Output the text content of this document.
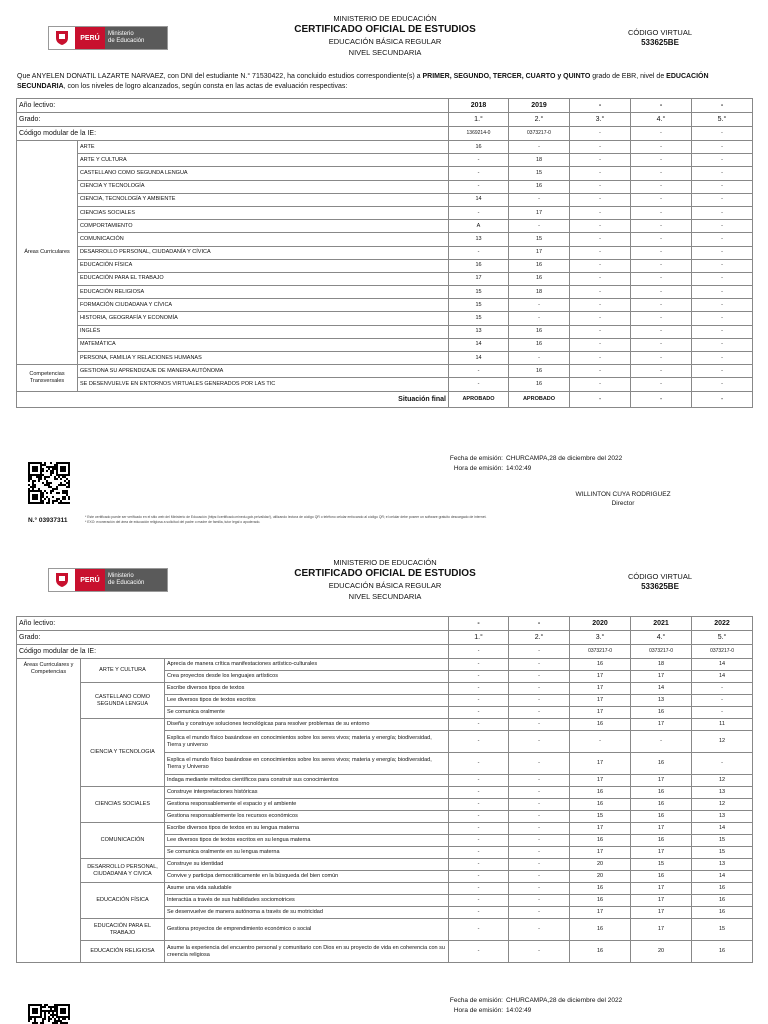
PERÚ
Ministerio
de Educación
MINISTERIO DE EDUCACIÓN
CERTIFICADO OFICIAL DE ESTUDIOS
EDUCACIÓN BÁSICA REGULAR
NIVEL SECUNDARIA
CÓDIGO VIRTUAL
533625BE
Que ANYELEN DONATIL LAZARTE NARVAEZ, con DNI del estudiante N.° 71530422, ha concluido estudios correspondiente(s) a PRIMER, SEGUNDO, TERCER, CUARTO y QUINTO grado de EBR, nivel de EDUCACIÓN SECUNDARIA, con los niveles de logro alcanzados, según consta en las actas de evaluación respectivas:
Año lectivo:		2018	2019	-	-	-
Grado:		1.°	2.°	3.°	4.°	5.°
Código modular de la IE:		1369214-0	0373217-0	-	-	-
Áreas Curriculares	ARTE	16	-	-	-	-
	ARTE Y CULTURA	-	18	-	-	-
	CASTELLANO COMO SEGUNDA LENGUA	-	15	-	-	-
	CIENCIA Y TECNOLOGÍA	-	16	-	-	-
	CIENCIA, TECNOLOGÍA Y AMBIENTE	14	-	-	-	-
	CIENCIAS SOCIALES	-	17	-	-	-
	COMPORTAMIENTO	A	-	-	-	-
	COMUNICACIÓN	13	15	-	-	-
	DESARROLLO PERSONAL, CIUDADANÍA Y CÍVICA	-	17	-	-	-
	EDUCACIÓN FÍSICA	16	16	-	-	-
	EDUCACIÓN PARA EL TRABAJO	17	16	-	-	-
	EDUCACIÓN RELIGIOSA	15	18	-	-	-
	FORMACIÓN CIUDADANA Y CÍVICA	15	-	-	-	-
	HISTORIA, GEOGRAFÍA Y ECONOMÍA	15	-	-	-	-
	INGLÉS	13	16	-	-	-
	MATEMÁTICA	14	16	-	-	-
	PERSONA, FAMILIA Y RELACIONES HUMANAS	14	-	-	-	-
Competencias Transversales	GESTIONA SU APRENDIZAJE DE MANERA AUTÓNOMA	-	16	-	-	-
	SE DESENVUELVE EN ENTORNOS VIRTUALES GENERADOS POR LAS TIC	-	16	-	-	-
Situación final		APROBADO	APROBADO	-	-	-
N.° 03937311
Fecha de emisión: CHURCAMPA,28 de diciembre del 2022
Hora de emisión: 14:02:49
WILLINTON CUYA RODRIGUEZ
Director
* Este certificado puede ser verificado en el sitio web del Ministerio de Educación (https://certificado.minedu.gob.pe/validar/), utilizando lectora de código QR o teléfono celular enfocando al código QR; el celular debe poseer un software gratuito descargado de internet.
* EXO: exoneración del área de educación religiosa a solicitud del padre o madre de familia, tutor legal o apoderado.
PERÚ
Ministerio
de Educación
MINISTERIO DE EDUCACIÓN
CERTIFICADO OFICIAL DE ESTUDIOS
EDUCACIÓN BÁSICA REGULAR
NIVEL SECUNDARIA
CÓDIGO VIRTUAL
533625BE
Año lectivo:			-	-	2020	2021	2022
Grado:			1.°	2.°	3.°	4.°	5.°
Código modular de la IE:			-	-	0373217-0	0373217-0	0373217-0
Áreas Curriculares y Competencias	ARTE Y CULTURA	Aprecia de manera crítica manifestaciones artístico-culturales	-	-	16	18	14
		Crea proyectos desde los lenguajes artísticos	-	-	17	17	14
	CASTELLANO COMO SEGUNDA LENGUA	Escribe diversos tipos de textos	-	-	17	14	-
		Lee diversos tipos de textos escritos	-	-	17	13	-
		Se comunica oralmente	-	-	17	16	-
	CIENCIA Y TECNOLOGIA	Diseña y construye soluciones tecnológicas para resolver problemas de su entorno	-	-	16	17	11
		Explica el mundo físico basándose en conocimientos sobre los seres vivos; materia y energía; biodiversidad, Tierra y universo	-	-	-	-	12
		Explica el mundo físico basándose en conocimientos sobre los seres vivos; materia y energía; biodiversidad, Tierra y Universo	-	-	17	16	-
		Indaga mediante métodos científicos para construir sus conocimientos	-	-	17	17	12
	CIENCIAS SOCIALES	Construye interpretaciones históricas	-	-	16	16	13
		Gestiona responsablemente el espacio y el ambiente	-	-	16	16	12
		Gestiona responsablemente los recursos económicos	-	-	15	16	13
	COMUNICACIÓN	Escribe diversos tipos de textos en su lengua materna	-	-	17	17	14
		Lee diversos tipos de textos escritos en su lengua materna	-	-	16	16	15
		Se comunica oralmente en su lengua materna	-	-	17	17	15
	DESARROLLO PERSONAL, CIUDADANIA Y CIVICA	Construye su identidad	-	-	20	15	13
		Convive y participa democráticamente en la búsqueda del bien común	-	-	20	16	14
	EDUCACIÓN FÍSICA	Asume una vida saludable	-	-	16	17	16
		Interactúa a través de sus habilidades sociomotrices	-	-	16	17	16
		Se desenvuelve de manera autónoma a través de su motricidad	-	-	17	17	16
	EDUCACIÓN PARA EL TRABAJO	Gestiona proyectos de emprendimiento económico o social	-	-	16	17	15
	EDUCACIÓN RELIGIOSA	Asume la experiencia del encuentro personal y comunitario con Dios en su proyecto de vida en coherencia con su creencia religiosa	-	-	16	20	16
Fecha de emisión: CHURCAMPA,28 de diciembre del 2022
Hora de emisión: 14:02:49
